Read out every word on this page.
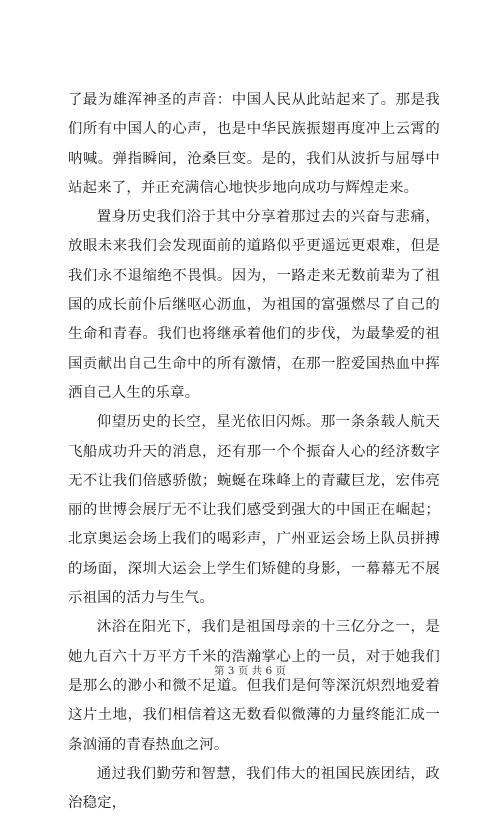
了最为雄浑神圣的声音：中国人民从此站起来了。那是我们所有中国人的心声，也是中华民族振翅再度冲上云霄的呐喊。弹指瞬间，沧桑巨变。是的，我们从波折与屈辱中站起来了，并正充满信心地快步地向成功与辉煌走来。

置身历史我们浴于其中分享着那过去的兴奋与悲痛，放眼未来我们会发现面前的道路似乎更遥远更艰难，但是我们永不退缩绝不畏惧。因为，一路走来无数前辈为了祖国的成长前仆后继呕心沥血，为祖国的富强燃尽了自己的生命和青春。我们也将继承着他们的步伐，为最挚爱的祖国贡献出自己生命中的所有激情，在那一腔爱国热血中挥洒自己人生的乐章。

仰望历史的长空，星光依旧闪烁。那一条条载人航天飞船成功升天的消息，还有那一个个振奋人心的经济数字无不让我们倍感骄傲；蜿蜒在珠峰上的青藏巨龙，宏伟亮丽的世博会展厅无不让我们感受到强大的中国正在崛起；北京奥运会场上我们的喝彩声，广州亚运会场上队员拼搏的场面，深圳大运会上学生们矫健的身影，一幕幕无不展示祖国的活力与生气。

沐浴在阳光下，我们是祖国母亲的十三亿分之一，是她九百六十万平方千米的浩瀚掌心上的一员，对于她我们是那么的渺小和微不足道。但我们是何等深沉炽烈地爱着这片土地，我们相信着这无数看似微薄的力量终能汇成一条汹涌的青春热血之河。

通过我们勤劳和智慧，我们伟大的祖国民族团结，政治稳定，

第 3 页 共 6 页
